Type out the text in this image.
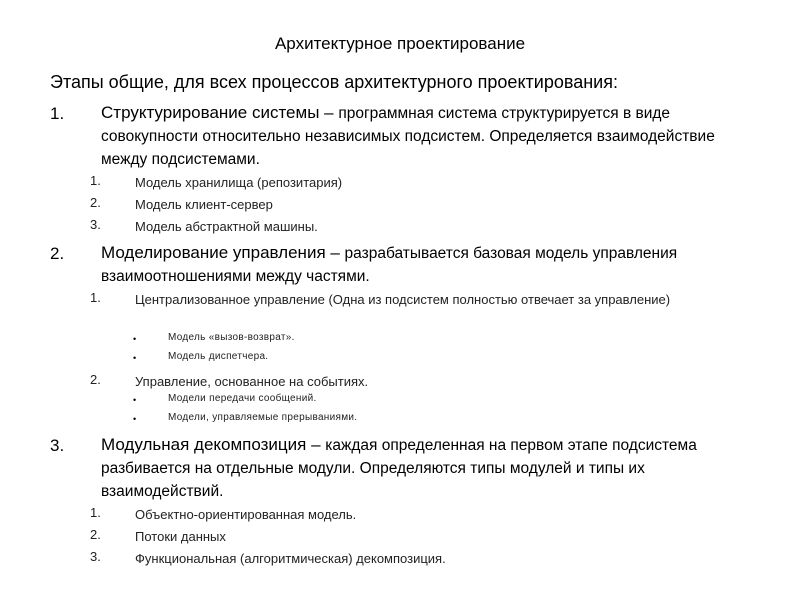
Архитектурное проектирование
Этапы общие, для всех процессов архитектурного проектирования:
1. Структурирование системы – программная система структурируется в виде совокупности относительно независимых подсистем. Определяется взаимодействие между подсистемами.
1.	Модель хранилища (репозитария)
2.	Модель клиент-сервер
3.	Модель абстрактной машины.
2. Моделирование управления – разрабатывается базовая модель управления взаимоотношениями между частями.
1.	Централизованное управление (Одна из подсистем полностью отвечает за управление)
•	Модель «вызов-возврат».
•	Модель диспетчера.
2.	Управление, основанное на событиях.
•	Модели передачи сообщений.
•	Модели, управляемые прерываниями.
3. Модульная декомпозиция – каждая определенная на первом этапе подсистема разбивается на отдельные модули. Определяются типы модулей и типы их взаимодействий.
1.	Объектно-ориентированная модель.
2.	Потоки данных
3.	Функциональная (алгоритмическая) декомпозиция.
